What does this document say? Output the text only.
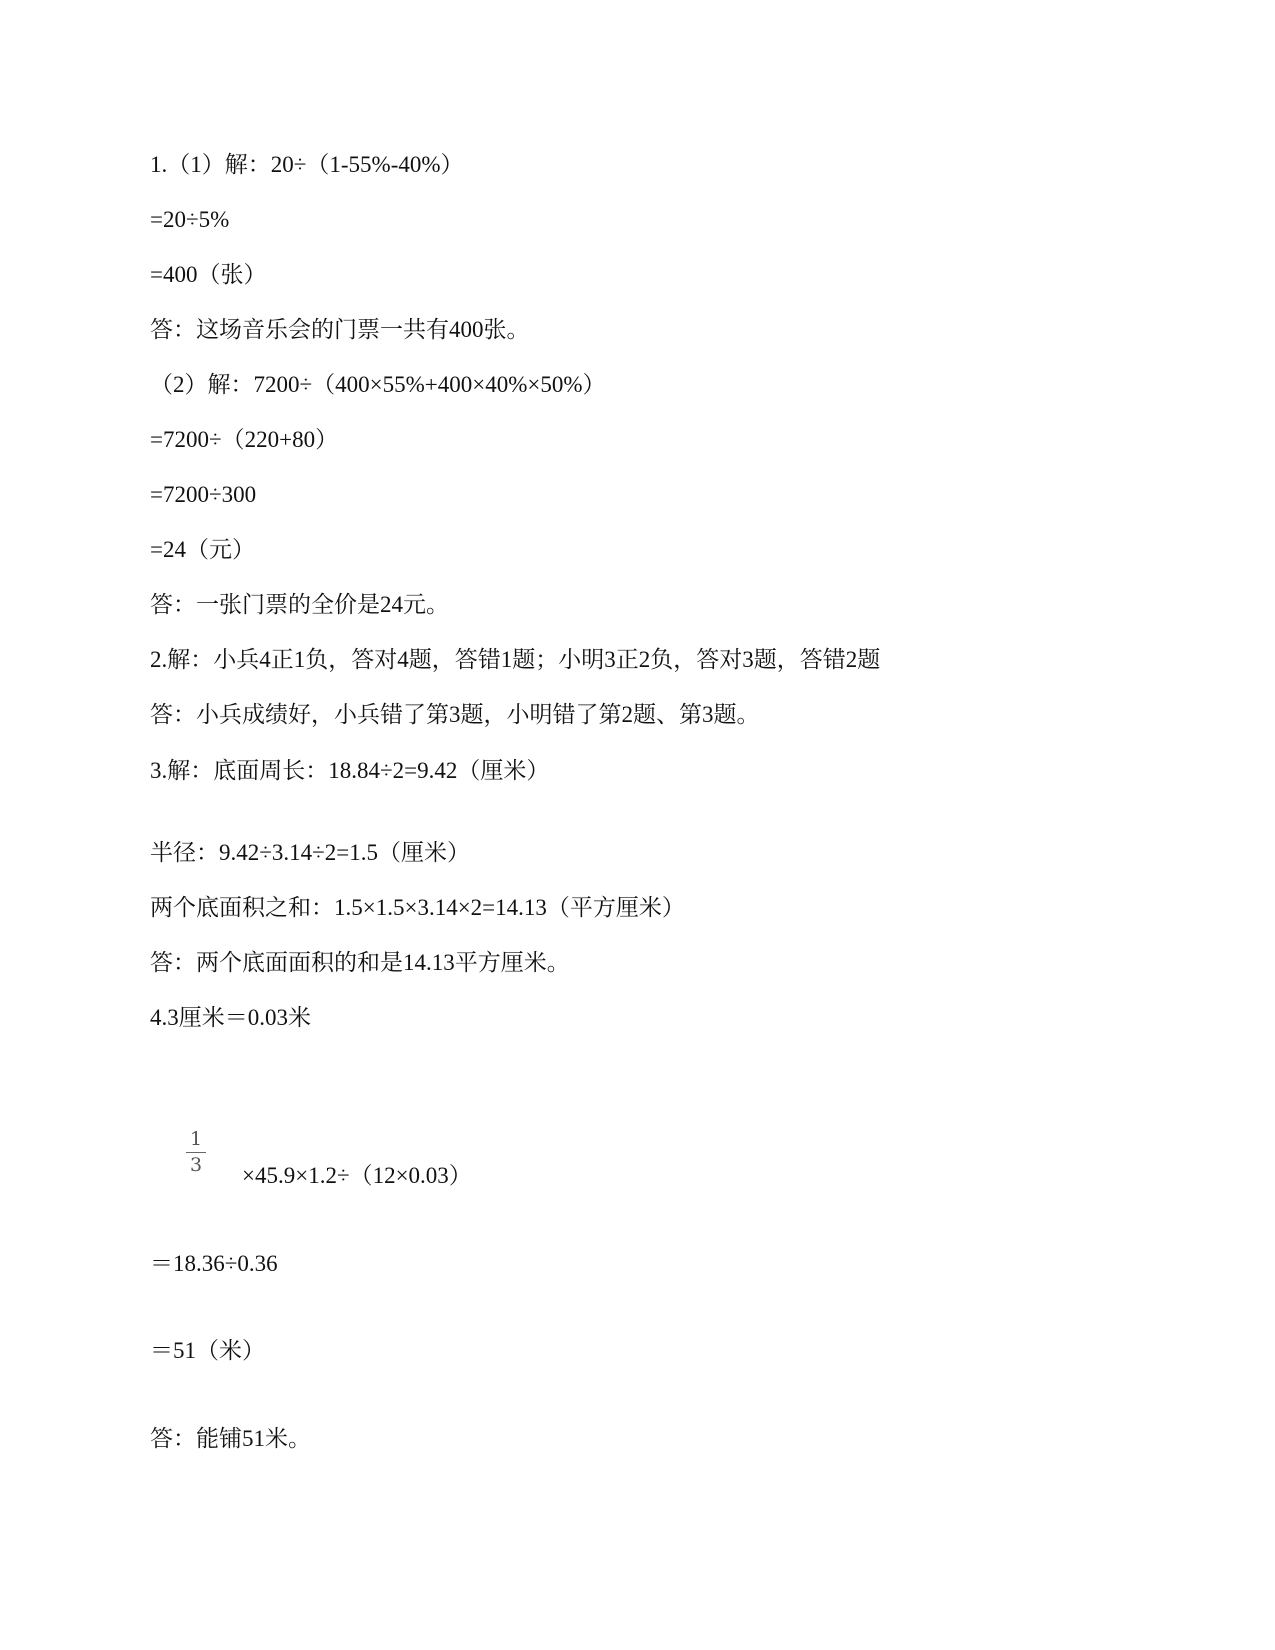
1.（1）解：20÷（1-55%-40%）
=20÷5%
=400（张）
答：这场音乐会的门票一共有400张。
（2）解：7200÷（400×55%+400×40%×50%）
=7200÷（220+80）
=7200÷300
=24（元）
答：一张门票的全价是24元。
2.解：小兵4正1负，答对4题，答错1题；小明3正2负，答对3题，答错2题
答：小兵成绩好，小兵错了第3题，小明错了第2题、第3题。
3.解：底面周长：18.84÷2=9.42（厘米）
半径：9.42÷3.14÷2=1.5（厘米）
两个底面积之和：1.5×1.5×3.14×2=14.13（平方厘米）
答：两个底面面积的和是14.13平方厘米。
4.3厘米＝0.03米
1
3 ×45.9×1.2÷（12×0.03）
＝18.36÷0.36
＝51（米）
答：能铺51米。
